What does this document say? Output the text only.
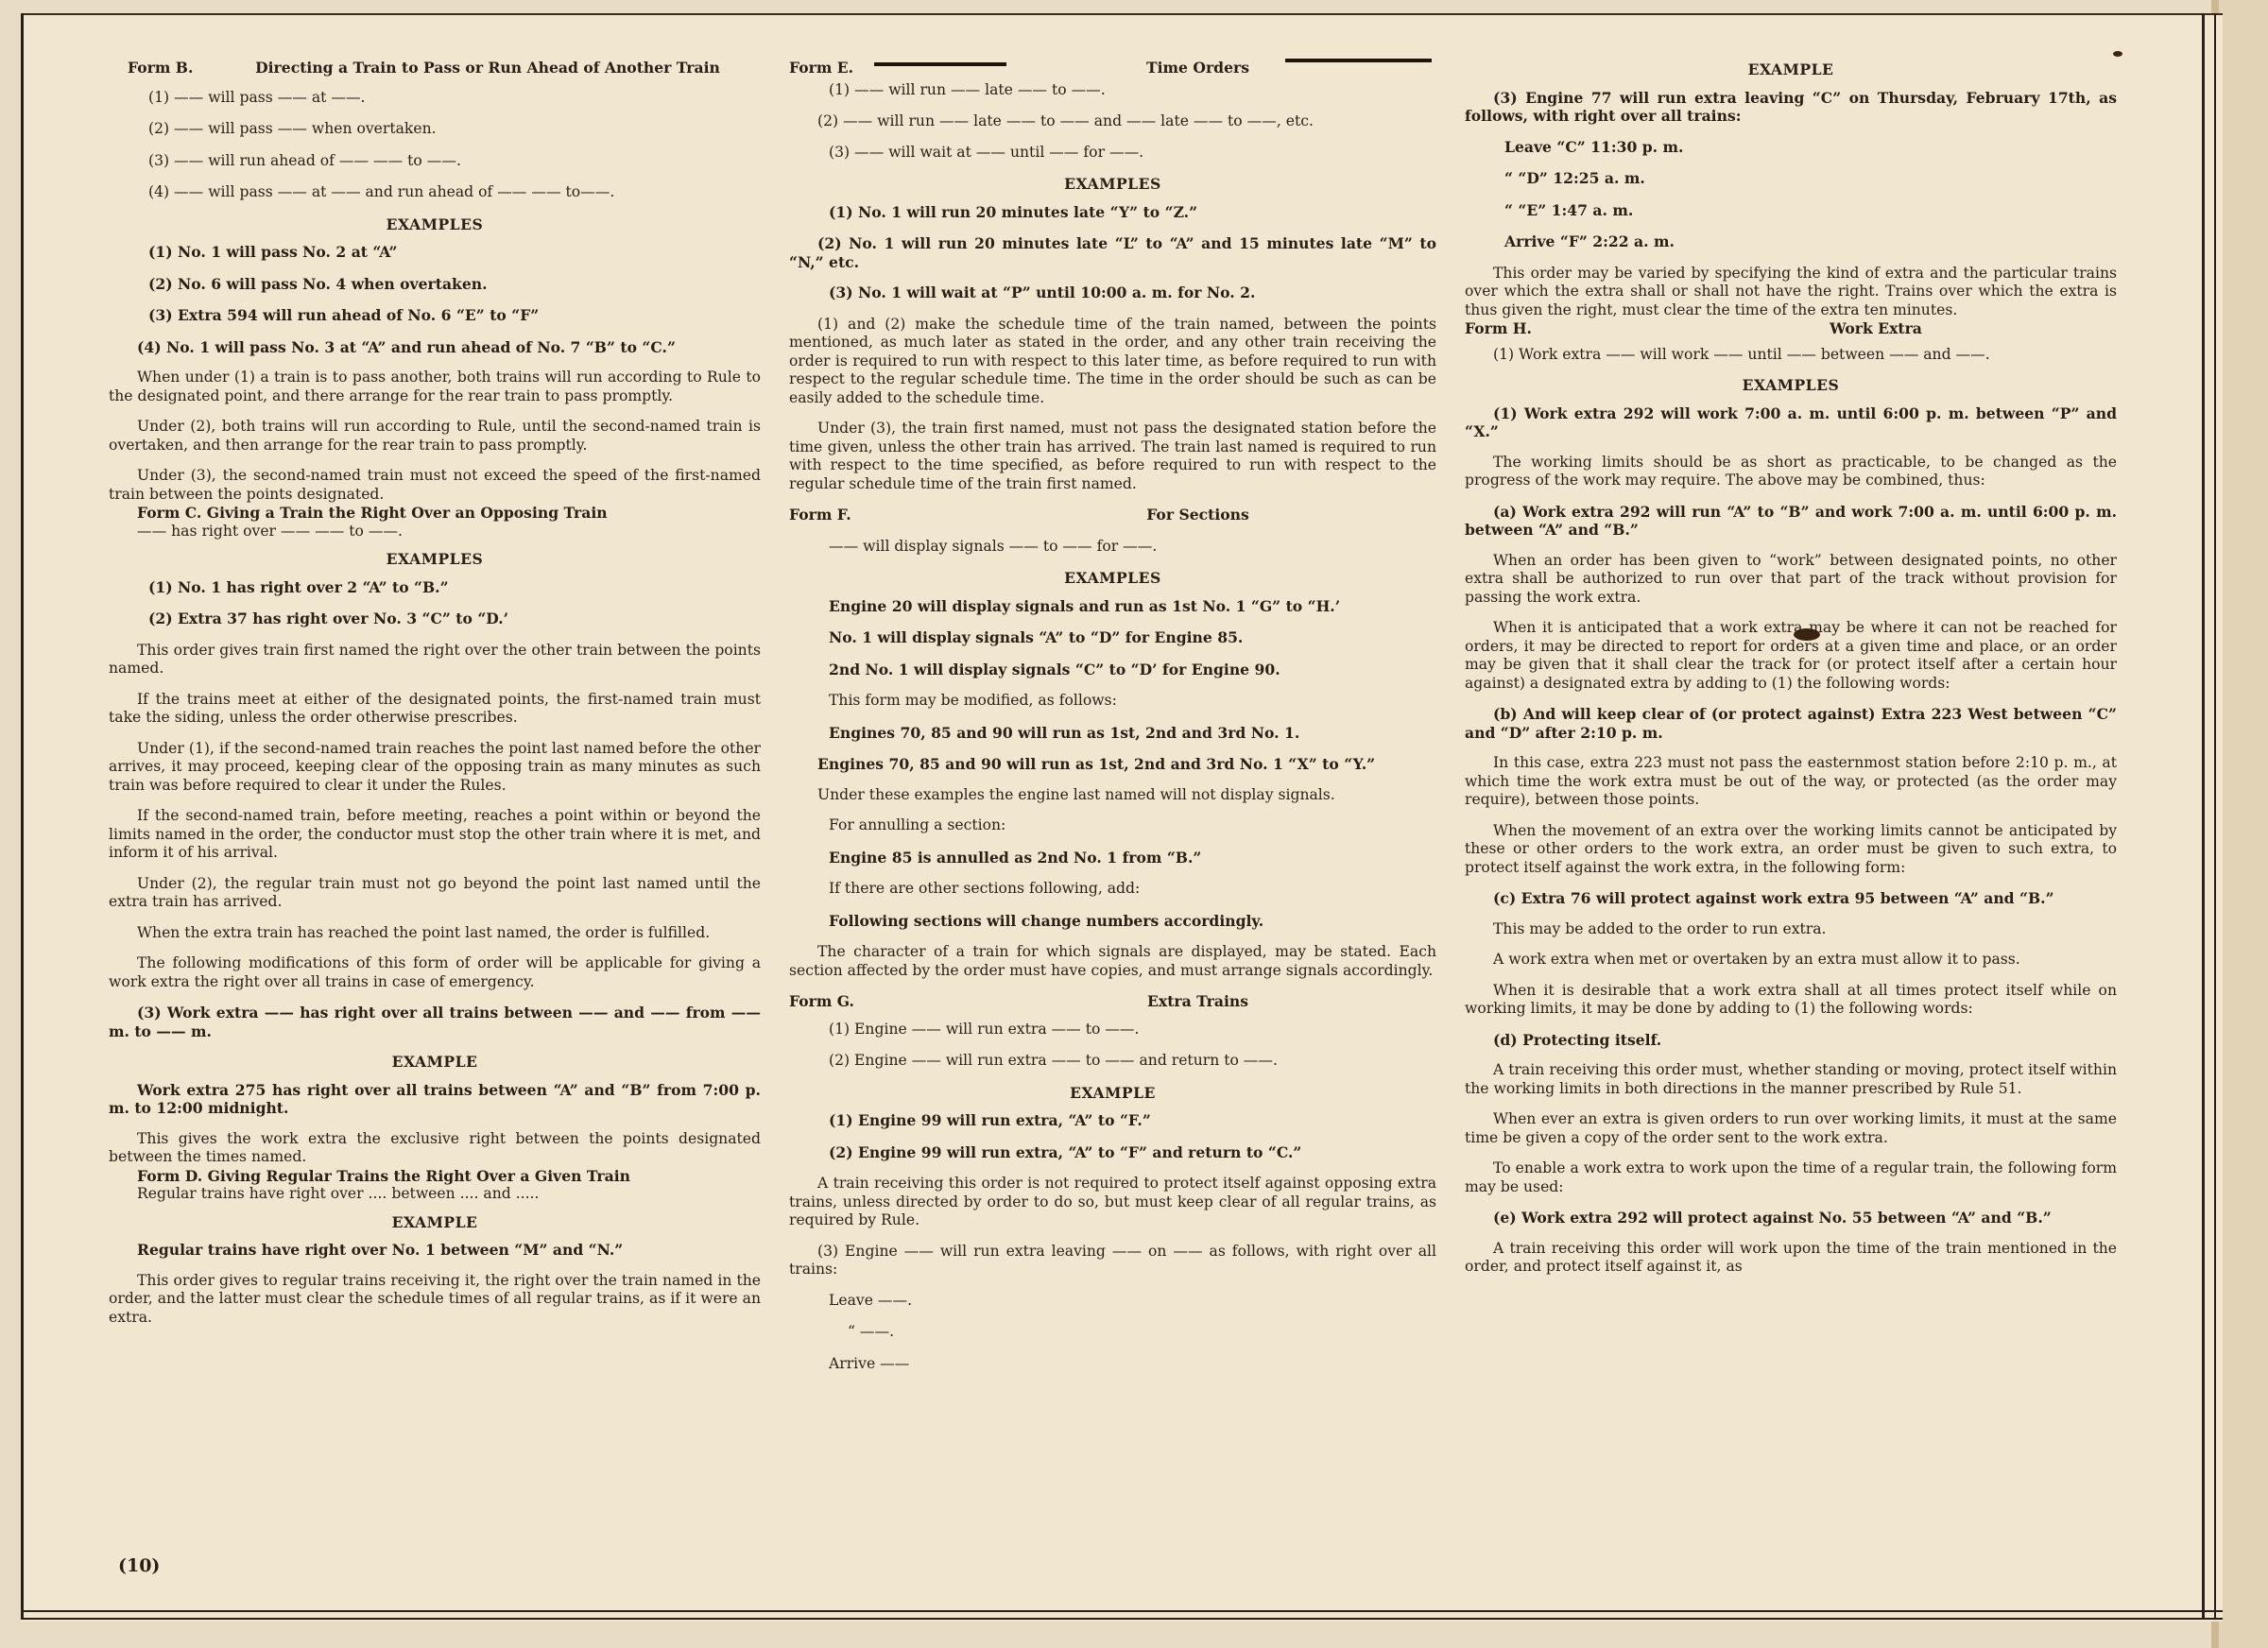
Form B.	Directing a Train to Pass or Run Ahead of Another Train

(1) —— will pass —— at ——.

(2) —— will pass —— when overtaken.

(3) —— will run ahead of —— —— to ——.

(4) —— will pass —— at —— and run ahead of —— —— to——.

EXAMPLES

(1) No. 1 will pass No. 2 at “A”

(2) No. 6 will pass No. 4 when overtaken.

(3) Extra 594 will run ahead of No. 6 “E” to “F”

(4) No. 1 will pass No. 3 at “A” and run ahead of No. 7 “B” to “C.”

When under (1) a train is to pass another, both trains will run according to Rule to the designated point, and there arrange for the rear train to pass promptly.

Under (2), both trains will run according to Rule, until the second-named train is overtaken, and then arrange for the rear train to pass promptly.

Under (3), the second-named train must not exceed the speed of the first-named train between the points designated.

Form C. Giving a Train the Right Over an Opposing Train

—— has right over —— —— to ——.

EXAMPLES

(1) No. 1 has right over 2 “A” to “B.”

(2) Extra 37 has right over No. 3 “C” to “D.’

This order gives train first named the right over the other train between the points named.

If the trains meet at either of the designated points, the first-named train must take the siding, unless the order otherwise prescribes.

Under (1), if the second-named train reaches the point last named before the other arrives, it may proceed, keeping clear of the opposing train as many minutes as such train was before required to clear it under the Rules.

If the second-named train, before meeting, reaches a point within or beyond the limits named in the order, the conductor must stop the other train where it is met, and inform it of his arrival.

Under (2), the regular train must not go beyond the point last named until the extra train has arrived.

When the extra train has reached the point last named, the order is fulfilled.

The following modifications of this form of order will be applicable for giving a work extra the right over all trains in case of emergency.

(3) Work extra —— has right over all trains between —— and —— from —— m. to —— m.

EXAMPLE

Work extra 275 has right over all trains between “A” and “B” from 7:00 p. m. to 12:00 midnight.

This gives the work extra the exclusive right between the points designated between the times named.

Form D. Giving Regular Trains the Right Over a Given Train

Regular trains have right over .... between .... and .....

EXAMPLE

Regular trains have right over No. 1 between “M” and “N.”

This order gives to regular trains receiving it, the right over the train named in the order, and the latter must clear the schedule times of all regular trains, as if it were an extra.

(10)
Form E.	Time Orders

(1) —— will run —— late —— to ——.

(2) —— will run —— late —— to —— and —— late —— to ——, etc.

(3) —— will wait at —— until —— for ——.

EXAMPLES

(1) No. 1 will run 20 minutes late “Y” to “Z.”

(2) No. 1 will run 20 minutes late “L” to “A” and 15 minutes late “M” to “N,” etc.

(3) No. 1 will wait at “P” until 10:00 a. m. for No. 2.

(1) and (2) make the schedule time of the train named, between the points mentioned, as much later as stated in the order, and any other train receiving the order is required to run with respect to this later time, as before required to run with respect to the regular schedule time. The time in the order should be such as can be easily added to the schedule time.

Under (3), the train first named, must not pass the designated station before the time given, unless the other train has arrived. The train last named is required to run with respect to the time specified, as before required to run with respect to the regular schedule time of the train first named.

Form F.	For Sections

—— will display signals —— to —— for ——.

EXAMPLES

Engine 20 will display signals and run as 1st No. 1 “G” to “H.’

No. 1 will display signals “A” to “D” for Engine 85.

2nd No. 1 will display signals “C” to “D’ for Engine 90.

This form may be modified, as follows:

Engines 70, 85 and 90 will run as 1st, 2nd and 3rd No. 1.

Engines 70, 85 and 90 will run as 1st, 2nd and 3rd No. 1 “X” to “Y.”

Under these examples the engine last named will not display signals.

For annulling a section:

Engine 85 is annulled as 2nd No. 1 from “B.”

If there are other sections following, add:

Following sections will change numbers accordingly.

The character of a train for which signals are displayed, may be stated. Each section affected by the order must have copies, and must arrange signals accordingly.

Form G.	Extra Trains

(1) Engine —— will run extra —— to ——.

(2) Engine —— will run extra —— to —— and return to ——.

EXAMPLE

(1) Engine 99 will run extra, “A” to “F.”

(2) Engine 99 will run extra, “A” to “F” and return to “C.”

A train receiving this order is not required to protect itself against opposing extra trains, unless directed by order to do so, but must keep clear of all regular trains, as required by Rule.

(3) Engine —— will run extra leaving —— on —— as follows, with right over all trains:

Leave ——.

“ ——.

Arrive ——

EXAMPLE

(3) Engine 77 will run extra leaving “C” on Thursday, February 17th, as follows, with right over all trains:

Leave “C” 11:30 p. m.

“ “D” 12:25 a. m.

“ “E” 1:47 a. m.

Arrive “F” 2:22 a. m.

This order may be varied by specifying the kind of extra and the particular trains over which the extra shall or shall not have the right. Trains over which the extra is thus given the right, must clear the time of the extra ten minutes.

Form H.	Work Extra

(1) Work extra —— will work —— until —— between —— and ——.

EXAMPLES

(1) Work extra 292 will work 7:00 a. m. until 6:00 p. m. between “P” and “X.”

The working limits should be as short as practicable, to be changed as the progress of the work may require. The above may be combined, thus:

(a) Work extra 292 will run “A” to “B” and work 7:00 a. m. until 6:00 p. m. between “A” and “B.”

When an order has been given to “work” between designated points, no other extra shall be authorized to run over that part of the track without provision for passing the work extra.

When it is anticipated that a work extra may be where it can not be reached for orders, it may be directed to report for orders at a given time and place, or an order may be given that it shall clear the track for (or protect itself after a certain hour against) a designated extra by adding to (1) the following words:

(b) And will keep clear of (or protect against) Extra 223 West between “C” and “D” after 2:10 p. m.

In this case, extra 223 must not pass the easternmost station before 2:10 p. m., at which time the work extra must be out of the way, or protected (as the order may require), between those points.

When the movement of an extra over the working limits cannot be anticipated by these or other orders to the work extra, an order must be given to such extra, to protect itself against the work extra, in the following form:

(c) Extra 76 will protect against work extra 95 between “A” and “B.”

This may be added to the order to run extra.

A work extra when met or overtaken by an extra must allow it to pass.

When it is desirable that a work extra shall at all times protect itself while on working limits, it may be done by adding to (1) the following words:

(d) Protecting itself.

A train receiving this order must, whether standing or moving, protect itself within the working limits in both directions in the manner prescribed by Rule 51.

When ever an extra is given orders to run over working limits, it must at the same time be given a copy of the order sent to the work extra.

To enable a work extra to work upon the time of a regular train, the following form may be used:

(e) Work extra 292 will protect against No. 55 between “A” and “B.”

A train receiving this order will work upon the time of the train mentioned in the order, and protect itself against it, as
